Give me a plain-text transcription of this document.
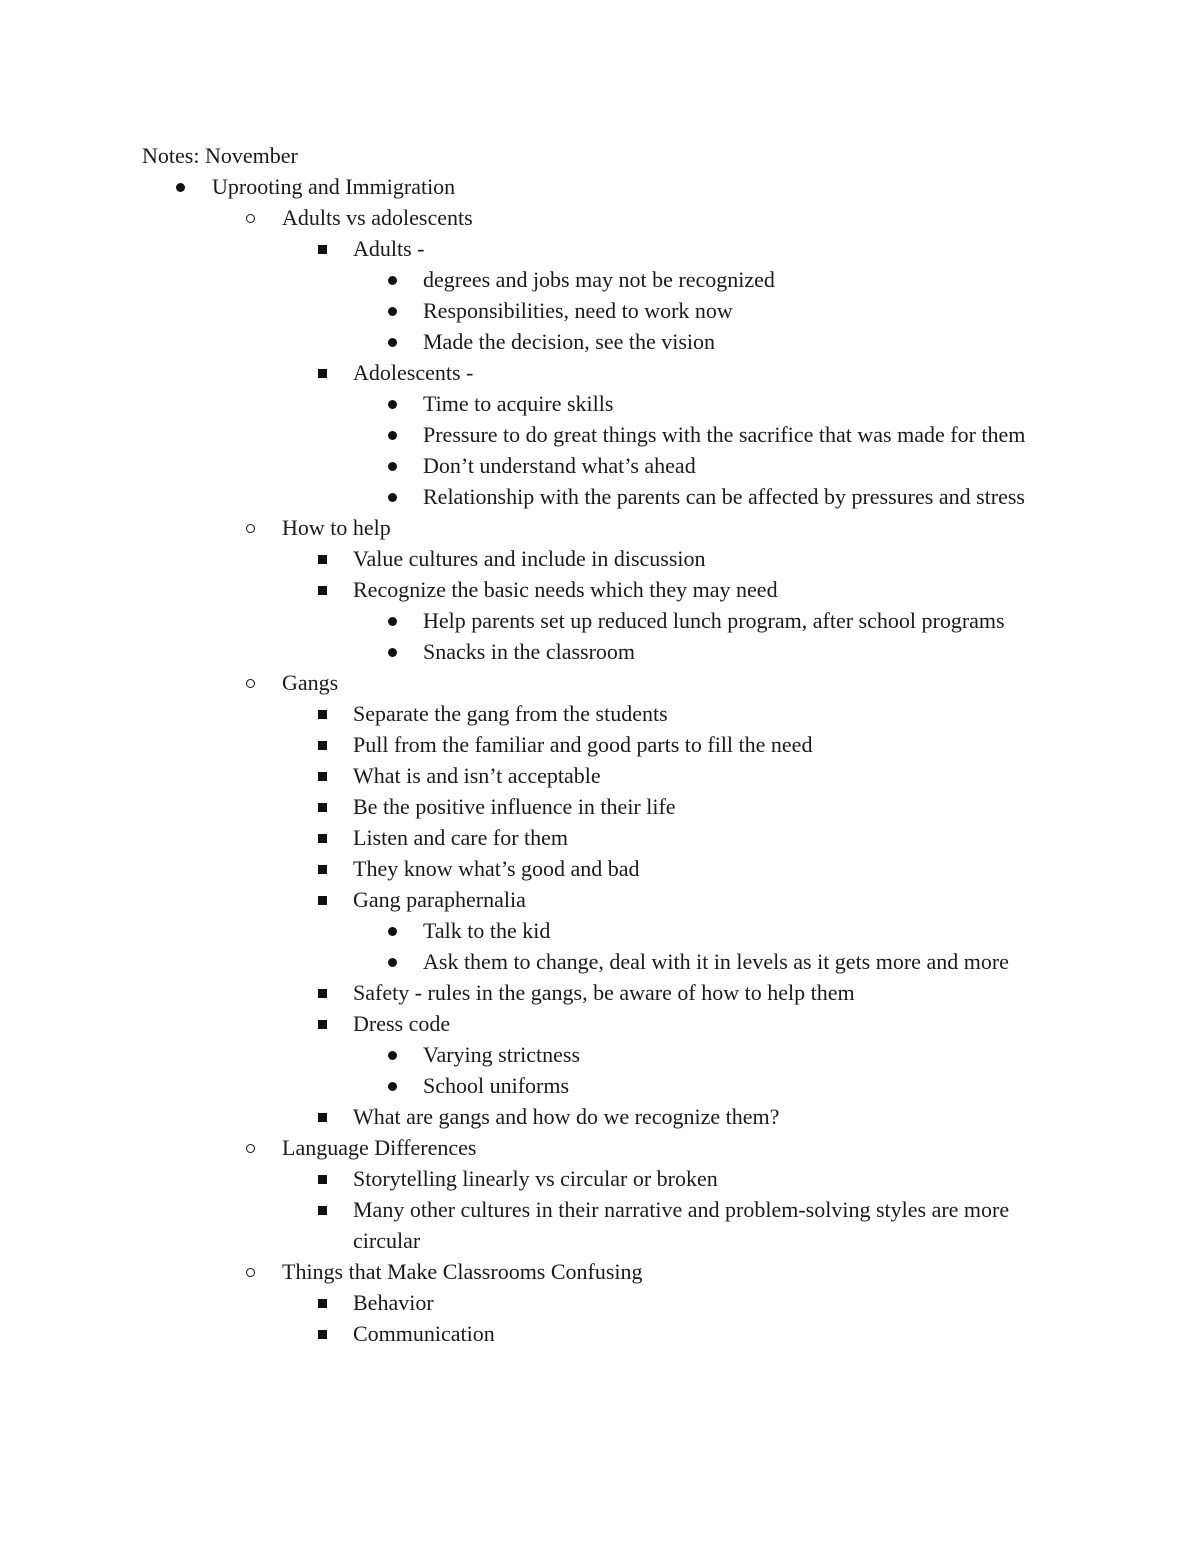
Notes: November
Uprooting and Immigration
Adults vs adolescents
Adults -
degrees and jobs may not be recognized
Responsibilities, need to work now
Made the decision, see the vision
Adolescents -
Time to acquire skills
Pressure to do great things with the sacrifice that was made for them
Don’t understand what’s ahead
Relationship with the parents can be affected by pressures and stress
How to help
Value cultures and include in discussion
Recognize the basic needs which they may need
Help parents set up reduced lunch program, after school programs
Snacks in the classroom
Gangs
Separate the gang from the students
Pull from the familiar and good parts to fill the need
What is and isn’t acceptable
Be the positive influence in their life
Listen and care for them
They know what’s good and bad
Gang paraphernalia
Talk to the kid
Ask them to change, deal with it in levels as it gets more and more
Safety - rules in the gangs, be aware of how to help them
Dress code
Varying strictness
School uniforms
What are gangs and how do we recognize them?
Language Differences
Storytelling linearly vs circular or broken
Many other cultures in their narrative and problem-solving styles are more circular
Things that Make Classrooms Confusing
Behavior
Communication
